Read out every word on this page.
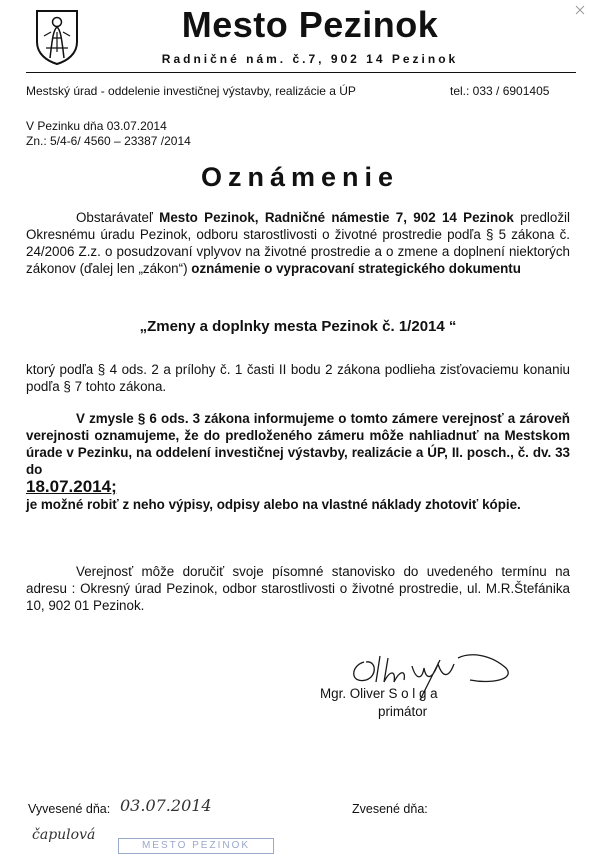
Mesto Pezinok
Radničné nám. č.7, 902 14 Pezinok
Mestský úrad - oddelenie investičnej výstavby, realizácie a ÚP	tel.: 033 / 6901405
V Pezinku dňa 03.07.2014
Zn.: 5/4-6/ 4560 – 23387 /2014
Oznámenie
Obstarávateľ Mesto Pezinok, Radničné námestie 7, 902 14 Pezinok predložil Okresnému úradu Pezinok, odboru starostlivosti o životné prostredie podľa § 5 zákona č. 24/2006 Z.z. o posudzovaní vplyvov na životné prostredie a o zmene a doplnení niektorých zákonov (ďalej len „zákon“) oznámenie o vypracovaní strategického dokumentu
„Zmeny a doplnky mesta Pezinok č. 1/2014 “
ktorý podľa § 4 ods. 2 a prílohy č. 1 časti II bodu 2 zákona podlieha zisťovaciemu konaniu podľa § 7 tohto zákona.
V zmysle § 6 ods. 3 zákona informujeme o tomto zámere verejnosť a zároveň verejnosti oznamujeme, že do predloženého zámeru môže nahliadnuť na Mestskom úrade v Pezinku, na oddelení investičnej výstavby, realizácie a ÚP, II. posch., č. dv. 33 do
18.07.2014;
je možné robiť z neho výpisy, odpisy alebo na vlastné náklady zhotoviť kópie.
Verejnosť môže doručiť svoje písomné stanovisko do uvedeného termínu na adresu : Okresný úrad Pezinok, odbor starostlivosti o životné prostredie, ul. M.R.Štefánika 10, 902 01 Pezinok.
Mgr. Oliver S o l g a
primátor
Vyvesené dňa: 03.07.2014	Zvesené dňa:
čapulová
MESTO PEZINOK
